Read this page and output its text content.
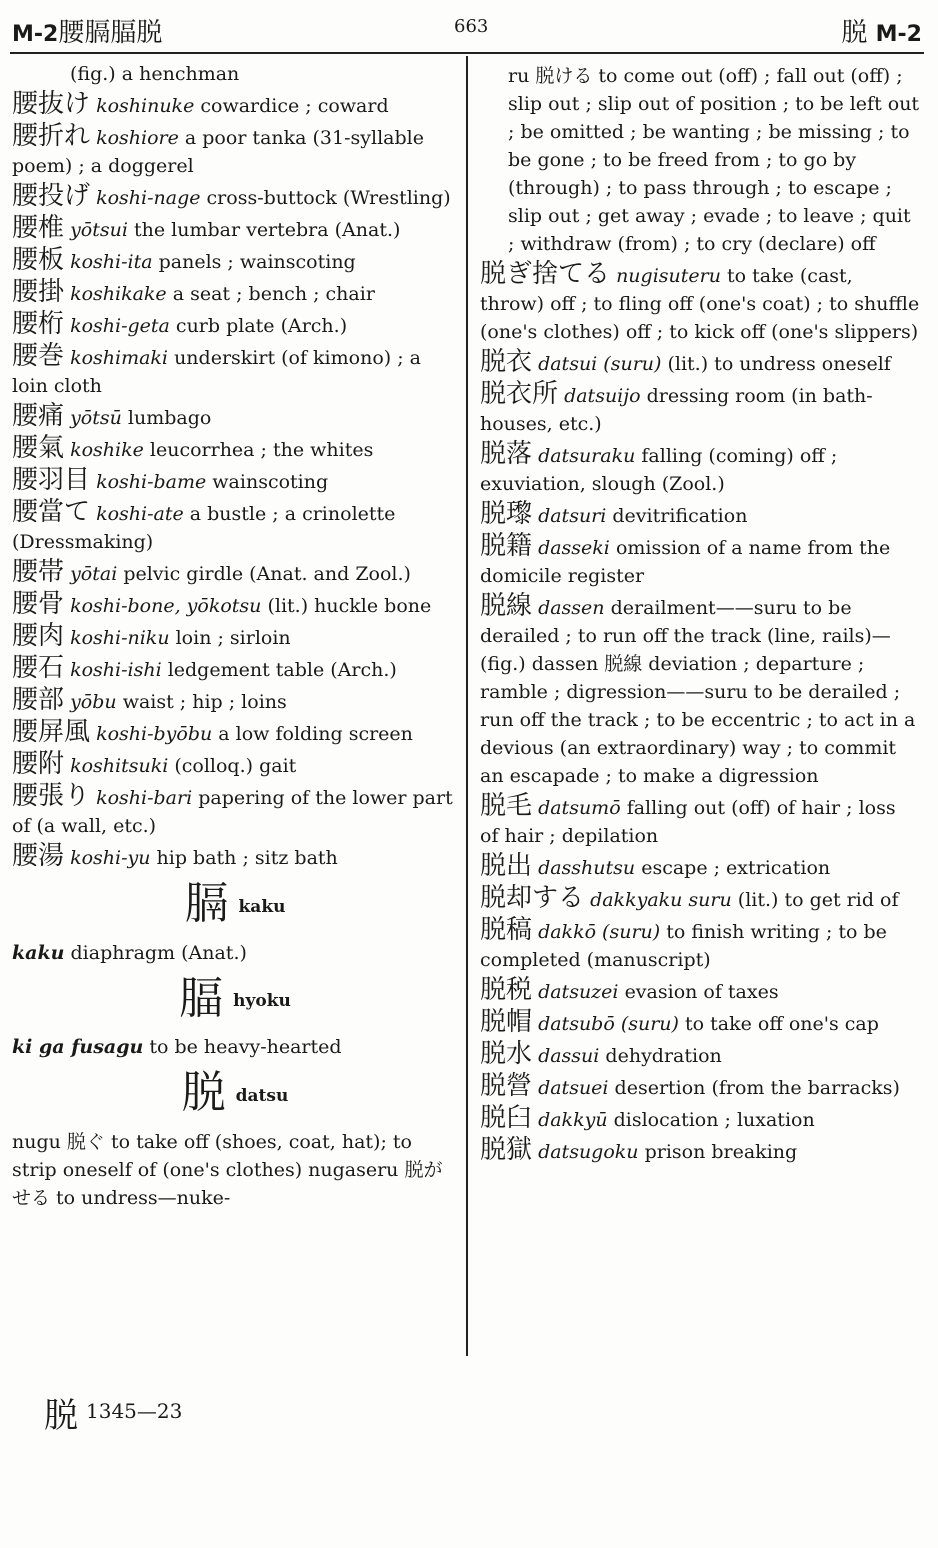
M-2腰膈腷脱	663	脱 M-2
(fig.) a henchman
腰抜け koshinuke cowardice ; coward
腰折れ koshiore a poor tanka (31-syllable poem) ; a doggerel
腰投げ koshi-nage cross-buttock (Wrestling)
腰椎 yōtsui the lumbar vertebra (Anat.)
腰板 koshi-ita panels ; wainscoting
腰掛 koshikake a seat ; bench ; chair
腰桁 koshi-geta curb plate (Arch.)
腰巻 koshimaki underskirt (of kimono) ; a loin cloth
腰痛 yōtsū lumbago
腰氣 koshike leucorrhea ; the whites
腰羽目 koshi-bame wainscoting
腰當て koshi-ate a bustle ; a crinolette (Dressmaking)
腰帯 yōtai pelvic girdle (Anat. and Zool.)
腰骨 koshi-bone, yōkotsu (lit.) huckle bone
腰肉 koshi-niku loin ; sirloin
腰石 koshi-ishi ledgement table (Arch.)
腰部 yōbu waist ; hip ; loins
腰屏風 koshi-byōbu a low folding screen
腰附 koshitsuki (colloq.) gait
腰張り koshi-bari papering of the lower part of (a wall, etc.)
腰湯 koshi-yu hip bath ; sitz bath
膈kaku
kaku diaphragm (Anat.)
腷hyoku
ki ga fusagu to be heavy-hearted
脱datsu
nugu 脱ぐ to take off (shoes, coat, hat); to strip oneself of (one's clothes) nugaseru 脱がせる to undress—nuke-
ru 脱ける to come out (off) ; fall out (off) ; slip out ; slip out of position ; to be left out ; be omitted ; be wanting ; be missing ; to be gone ; to be freed from ; to go by (through) ; to pass through ; to escape ; slip out ; get away ; evade ; to leave ; quit ; withdraw (from) ; to cry (declare) off
脱ぎ捨てる nugisuteru to take (cast, throw) off ; to fling off (one's coat) ; to shuffle (one's clothes) off ; to kick off (one's slippers)
脱衣 datsui (suru) (lit.) to undress oneself
脱衣所 datsuijo dressing room (in bath-houses, etc.)
脱落 datsuraku falling (coming) off ; exuviation, slough (Zool.)
脱瓈 datsuri devitrification
脱籍 dasseki omission of a name from the domicile register
脱線 dassen derailment——suru to be derailed ; to run off the track (line, rails)—(fig.) dassen 脱線 deviation ; departure ; ramble ; digression——suru to be derailed ; run off the track ; to be eccentric ; to act in a devious (an extraordinary) way ; to commit an escapade ; to make a digression
脱毛 datsumō falling out (off) of hair ; loss of hair ; depilation
脱出 dasshutsu escape ; extrication
脱却する dakkyaku suru (lit.) to get rid of
脱稿 dakkō (suru) to finish writing ; to be completed (manuscript)
脱税 datsuzei evasion of taxes
脱帽 datsubō (suru) to take off one's cap
脱水 dassui dehydration
脱營 datsuei desertion (from the barracks)
脱臼 dakkyū dislocation ; luxation
脱獄 datsugoku prison breaking
脱 1345—23
